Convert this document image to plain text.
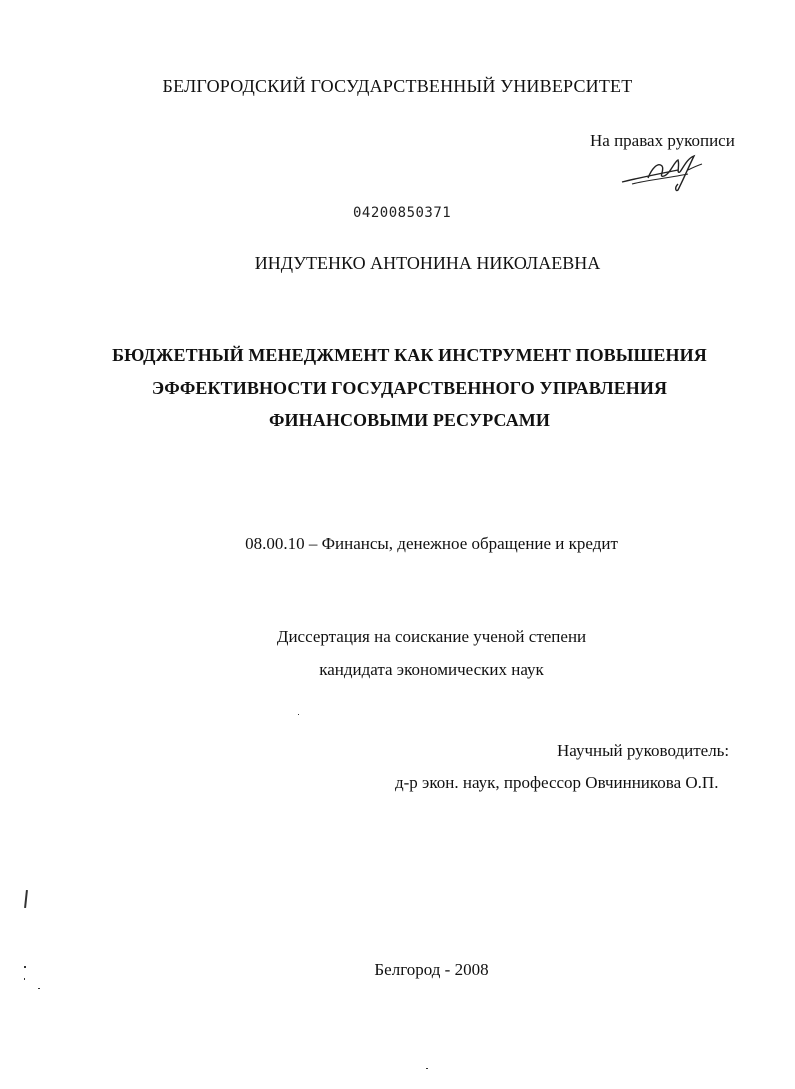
БЕЛГОРОДСКИЙ ГОСУДАРСТВЕННЫЙ УНИВЕРСИТЕТ
На правах рукописи
04200850371
ИНДУТЕНКО АНТОНИНА НИКОЛАЕВНА
БЮДЖЕТНЫЙ МЕНЕДЖМЕНТ КАК ИНСТРУМЕНТ ПОВЫШЕНИЯ
ЭФФЕКТИВНОСТИ ГОСУДАРСТВЕННОГО УПРАВЛЕНИЯ
ФИНАНСОВЫМИ РЕСУРСАМИ
08.00.10 – Финансы, денежное обращение и кредит
Диссертация на соискание ученой степени
кандидата экономических наук
Научный руководитель:
д-р экон. наук, профессор Овчинникова О.П.
Белгород - 2008
